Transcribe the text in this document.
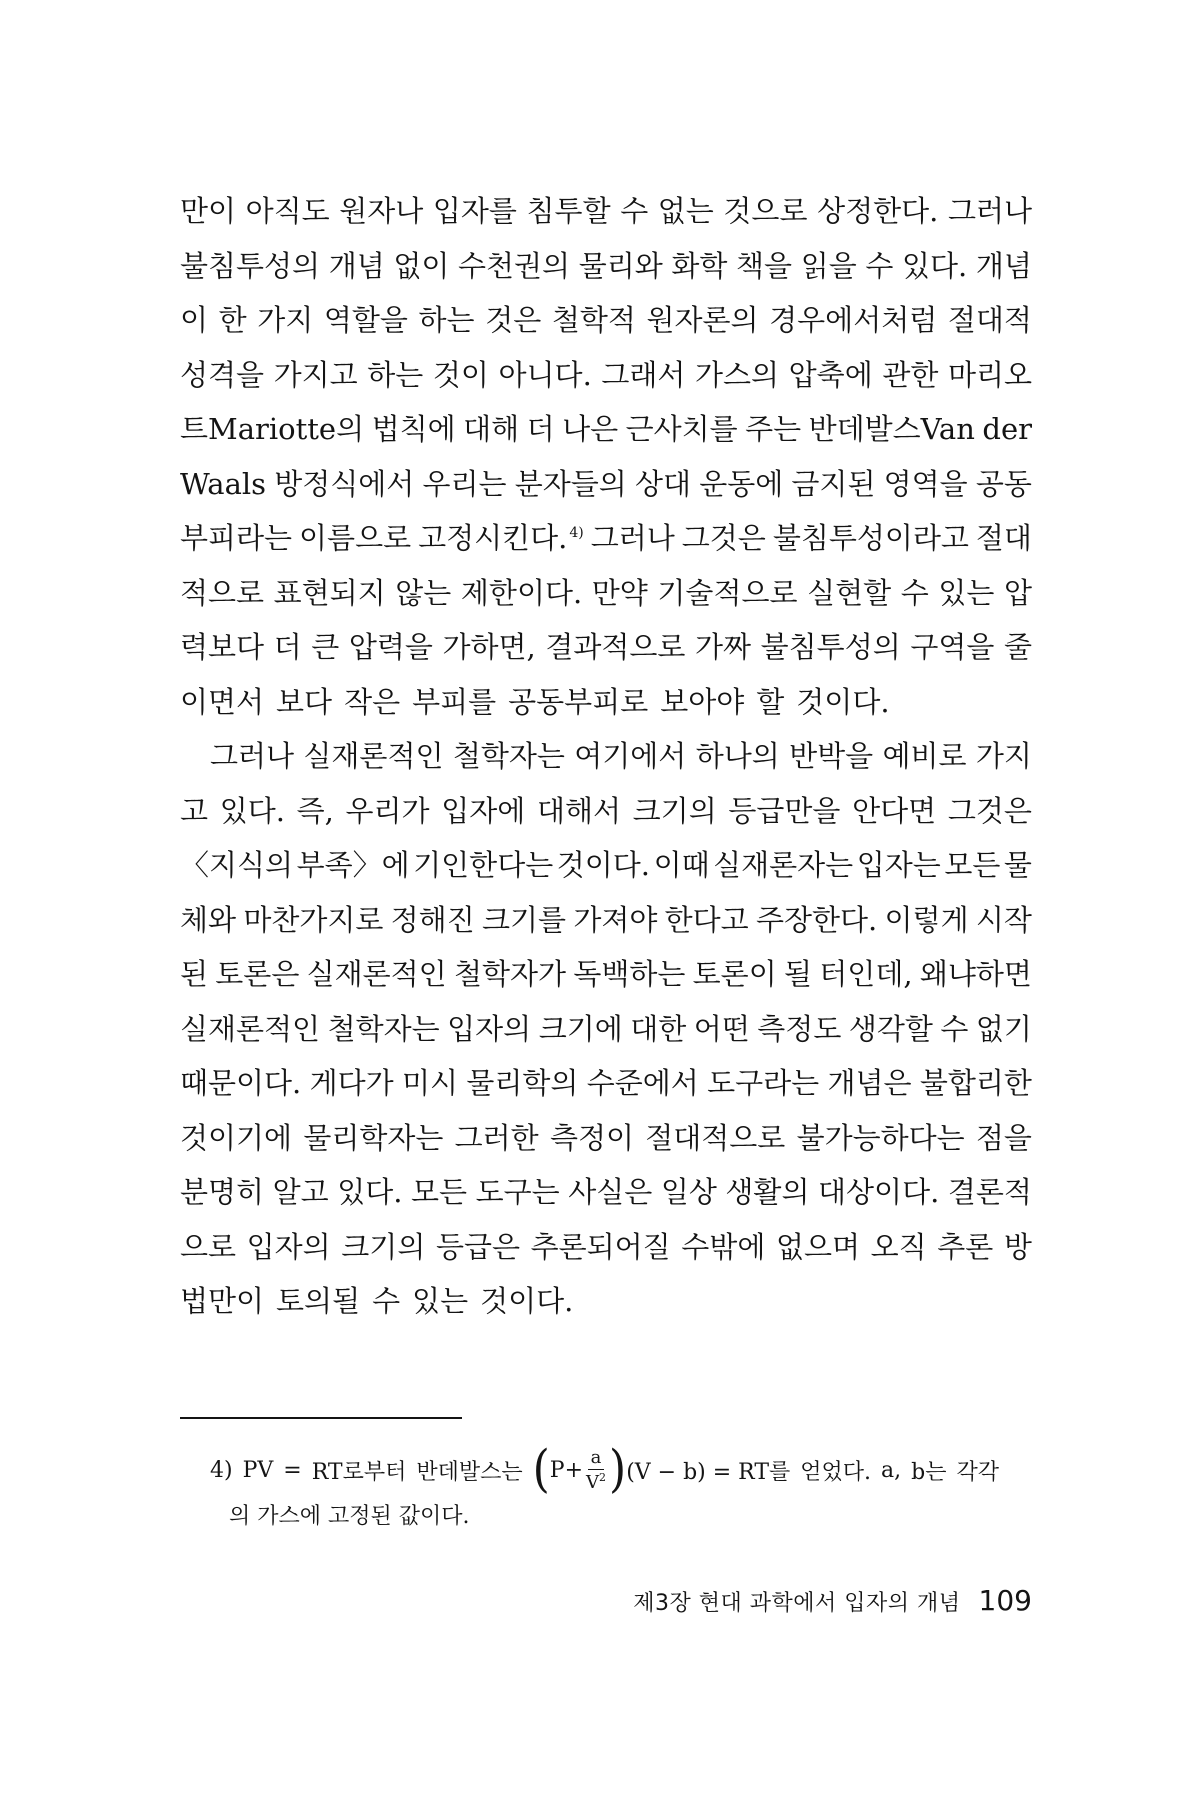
만이 아직도 원자나 입자를 침투할 수 없는 것으로 상정한다. 그러나
불침투성의 개념 없이 수천권의 물리와 화학 책을 읽을 수 있다. 개념
이 한 가지 역할을 하는 것은 철학적 원자론의 경우에서처럼 절대적
성격을 가지고 하는 것이 아니다. 그래서 가스의 압축에 관한 마리오
트Mariotte의 법칙에 대해 더 나은 근사치를 주는 반데발스Van der
Waals 방정식에서 우리는 분자들의 상대 운동에 금지된 영역을 공동
부피라는 이름으로 고정시킨다. $^{4)}$ 그러나 그것은 불침투성이라고 절대
적으로 표현되지 않는 제한이다. 만약 기술적으로 실현할 수 있는 압
력보다 더 큰 압력을 가하면, 결과적으로 가짜 불침투성의 구역을 줄
이면서 보다 작은 부피를 공동부피로 보아야 할 것이다.
그러나 실재론적인 철학자는 여기에서 하나의 반박을 예비로 가지
고 있다. 즉, 우리가 입자에 대해서 크기의 등급만을 안다면 그것은
〈지식의 부족〉에 기인한다는 것이다. 이때 실재론자는 입자는 모든 물
체와 마찬가지로 정해진 크기를 가져야 한다고 주장한다. 이렇게 시작
된 토론은 실재론적인 철학자가 독백하는 토론이 될 터인데, 왜냐하면
실재론적인 철학자는 입자의 크기에 대한 어떤 측정도 생각할 수 없기
때문이다. 게다가 미시 물리학의 수준에서 도구라는 개념은 불합리한
것이기에 물리학자는 그러한 측정이 절대적으로 불가능하다는 점을
분명히 알고 있다. 모든 도구는 사실은 일상 생활의 대상이다. 결론적
으로 입자의 크기의 등급은 추론되어질 수밖에 없으며 오직 추론 방
법만이 토의될 수 있는 것이다.
4) PV = RT로부터 반데발스는 ( $P+ \frac{a}{V^2}$ ) (V − b) = RT를 얻었다. a, b는 각각
의 가스에 고정된 값이다.
제3장 현대 과학에서 입자의 개념 109
